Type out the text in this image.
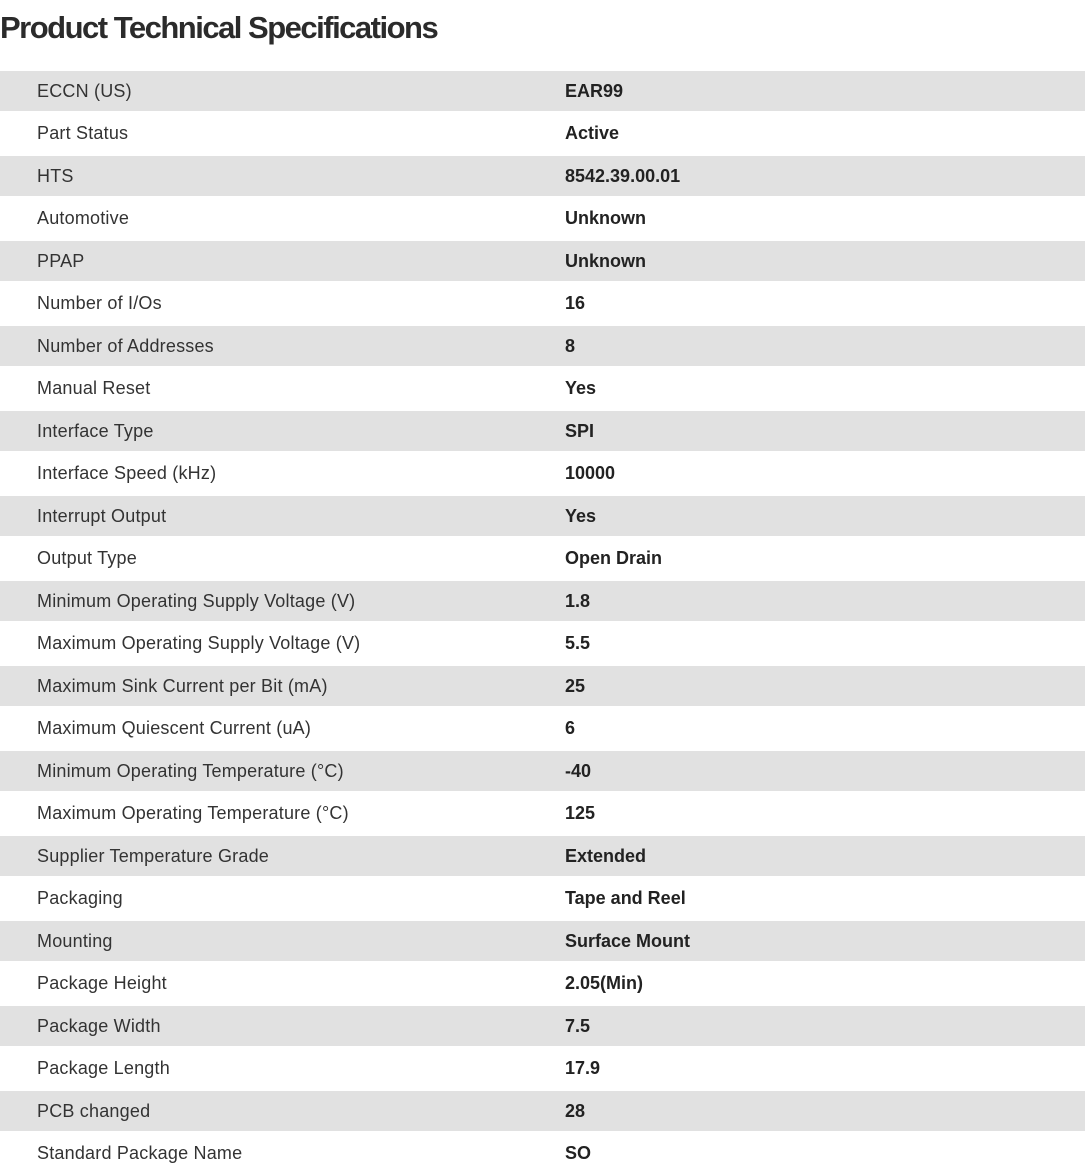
Product Technical Specifications
ECCN (US)	EAR99
Part Status	Active
HTS	8542.39.00.01
Automotive	Unknown
PPAP	Unknown
Number of I/Os	16
Number of Addresses	8
Manual Reset	Yes
Interface Type	SPI
Interface Speed (kHz)	10000
Interrupt Output	Yes
Output Type	Open Drain
Minimum Operating Supply Voltage (V)	1.8
Maximum Operating Supply Voltage (V)	5.5
Maximum Sink Current per Bit (mA)	25
Maximum Quiescent Current (uA)	6
Minimum Operating Temperature (°C)	-40
Maximum Operating Temperature (°C)	125
Supplier Temperature Grade	Extended
Packaging	Tape and Reel
Mounting	Surface Mount
Package Height	2.05(Min)
Package Width	7.5
Package Length	17.9
PCB changed	28
Standard Package Name	SO
